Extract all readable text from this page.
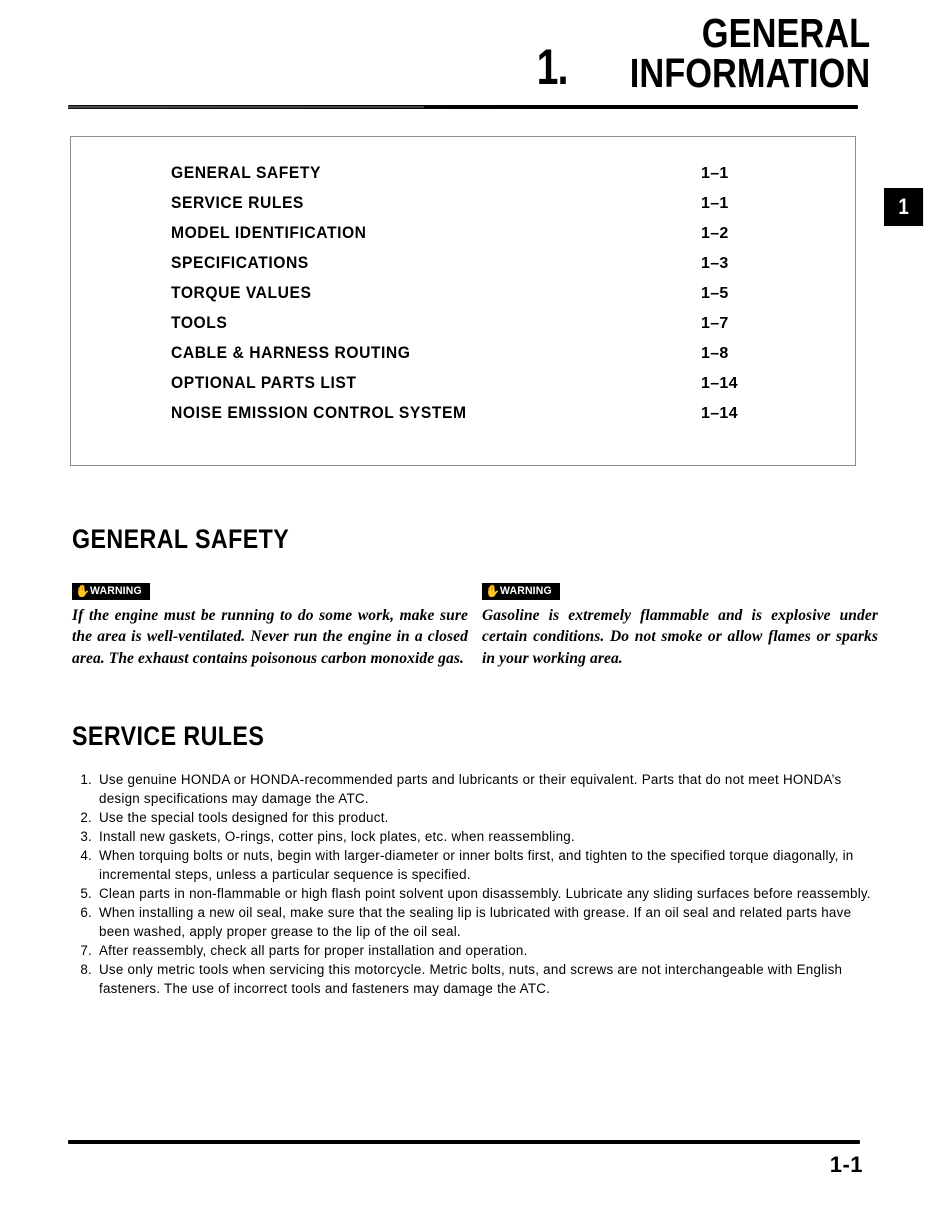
1.
GENERAL
INFORMATION
1
GENERAL SAFETY	1–1
SERVICE RULES	1–1
MODEL IDENTIFICATION	1–2
SPECIFICATIONS	1–3
TORQUE VALUES	1–5
TOOLS	1–7
CABLE & HARNESS ROUTING	1–8
OPTIONAL PARTS LIST	1–14
NOISE EMISSION CONTROL SYSTEM	1–14
GENERAL SAFETY
✋ WARNING
If the engine must be running to do some work, make sure the area is well-ventilated. Never run the engine in a closed area. The exhaust contains poisonous carbon monoxide gas.
✋ WARNING
Gasoline is extremely flammable and is explosive under certain conditions. Do not smoke or allow flames or sparks in your working area.
SERVICE RULES
1. Use genuine HONDA or HONDA-recommended parts and lubricants or their equivalent. Parts that do not meet HONDA’s design specifications may damage the ATC.
2. Use the special tools designed for this product.
3. Install new gaskets, O-rings, cotter pins, lock plates, etc. when reassembling.
4. When torquing bolts or nuts, begin with larger-diameter or inner bolts first, and tighten to the specified torque diagonally, in incremental steps, unless a particular sequence is specified.
5. Clean parts in non-flammable or high flash point solvent upon disassembly. Lubricate any sliding surfaces before reassembly.
6. When installing a new oil seal, make sure that the sealing lip is lubricated with grease. If an oil seal and related parts have been washed, apply proper grease to the lip of the oil seal.
7. After reassembly, check all parts for proper installation and operation.
8. Use only metric tools when servicing this motorcycle. Metric bolts, nuts, and screws are not interchangeable with English fasteners. The use of incorrect tools and fasteners may damage the ATC.
1-1
